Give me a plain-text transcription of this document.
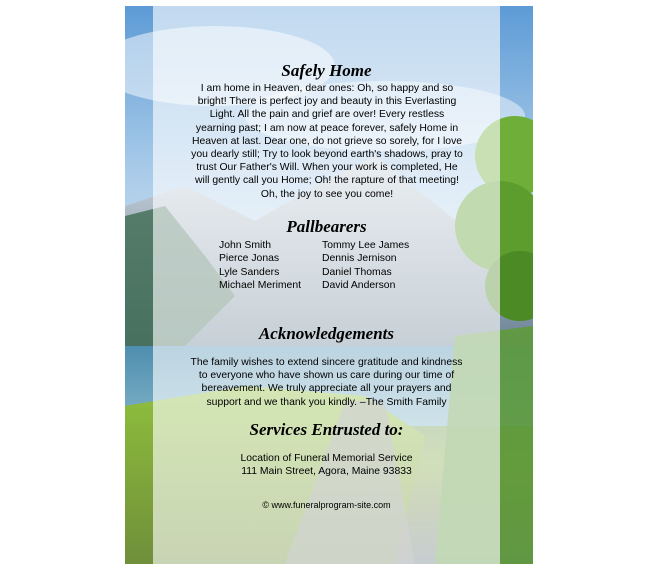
Safely Home
I am home in Heaven, dear ones: Oh, so happy and so
bright! There is perfect joy and beauty in this Everlasting
Light. All the pain and grief are over! Every restless
yearning past; I am now at peace forever, safely Home in
Heaven at last. Dear one, do not grieve so sorely, for I love
you dearly still; Try to look beyond earth's shadows, pray to
trust Our Father's Will. When your work is completed, He
will gently call you Home; Oh! the rapture of that meeting!
Oh, the joy to see you come!
Pallbearers
John Smith
Pierce Jonas
Lyle Sanders
Michael Meriment
Tommy Lee James
Dennis Jernison
Daniel Thomas
David Anderson
Acknowledgements
The family wishes to extend sincere gratitude and kindness
to everyone who have shown us care during our time of
bereavement. We truly appreciate all your prayers and
support and we thank you kindly. –The Smith Family
Services Entrusted to:
Location of Funeral Memorial Service
111 Main Street, Agora, Maine 93833
© www.funeralprogram-site.com
